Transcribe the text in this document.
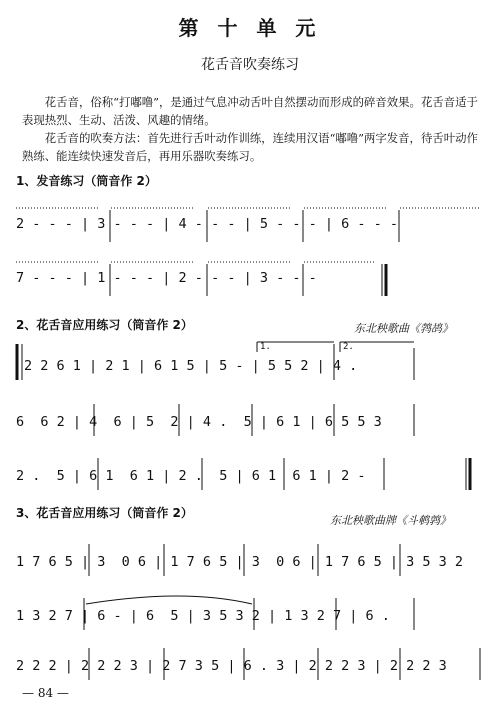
第 十 单 元
花舌音吹奏练习
花舌音，俗称“打嘟噜”，是通过气息冲动舌叶自然摆动而形成的碎音效果。花舌音适于表现热烈、生动、活泼、风趣的情绪。
花舌音的吹奏方法：首先进行舌叶动作训练，连续用汉语“嘟噜”两字发音，待舌叶动作熟练、能连续快速发音后，再用乐器吹奏练习。
1、发音练习（筒音作 2）
2 - - - | 3 - - - | 4 - - - | 5 - - - | 6 - - -
7 - - - | 1 - - - | 2 - - - | 3 - - -
2、花舌音应用练习（筒音作 2）	东北秧歌曲《鹁鸪》
2 2 6 1 | 2 1 | 6 1 5 | 5 - | 5 5 2 | 4 .
1.	2.
6  6 2 | 4  6 | 5  2 | 4 .  5 | 6 1 | 6 5 5 3
2 .  5 | 6 1  6 1 | 2 .  5 | 6 1  6 1 | 2 -
3、花舌音应用练习（筒音作 2）
东北秧歌曲牌《斗鹌鹑》
1 7 6 5 | 3  0 6 | 1 7 6 5 | 3  0 6 | 1 7 6 5 | 3 5 3 2
1 3 2 7 | 6 - | 6  5 | 3 5 3 2 | 1 3 2 7 | 6 .
2 2 2 | 2 2 2 3 | 2 7 3 5 | 6 . 3 | 2 2 2 3 | 2 2 2 3
— 84 —
